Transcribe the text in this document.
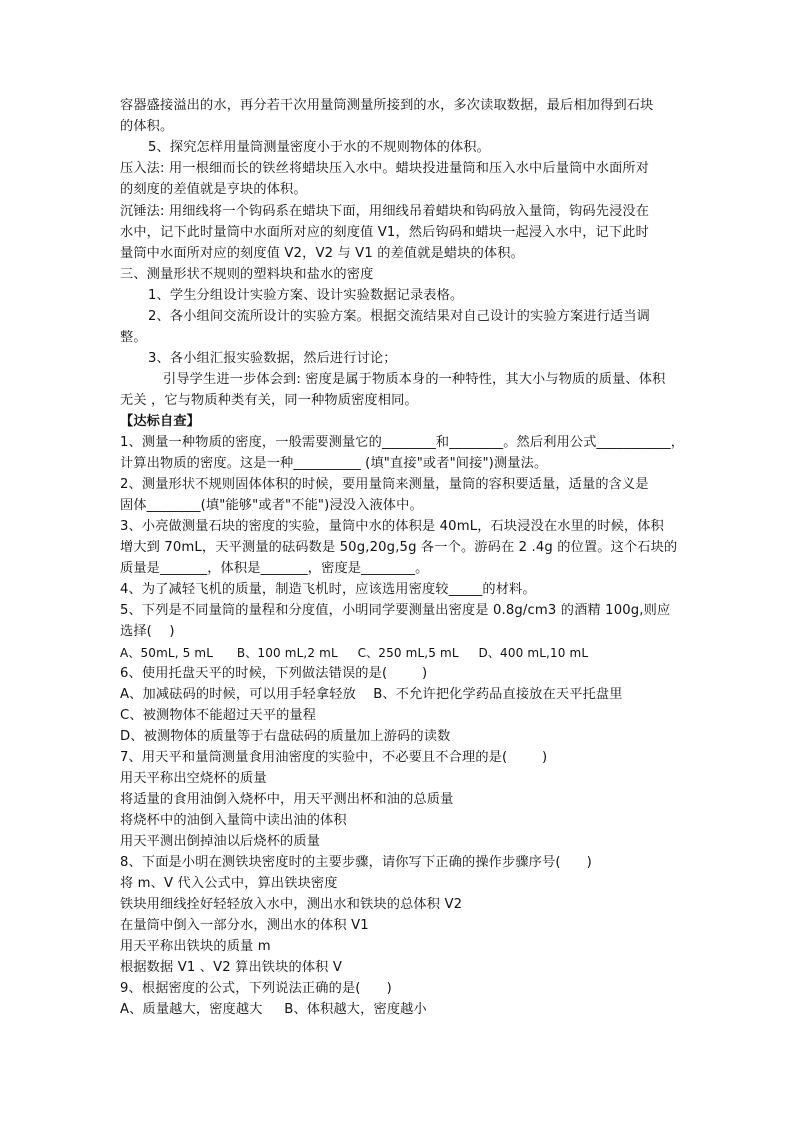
容器盛接溢出的水，再分若干次用量筒测量所接到的水，多次读取数据，最后相加得到石块
的体积。
5、探究怎样用量筒测量密度小于水的不规则物体的体积。
压入法: 用一根细而长的铁丝将蜡块压入水中。蜡块投进量筒和压入水中后量筒中水面所对
的刻度的差值就是亨块的体积。
沉锤法: 用细线将一个钩码系在蜡块下面，用细线吊着蜡块和钩码放入量筒，钩码先浸没在
水中，记下此时量筒中水面所对应的刻度值 V1，然后钩码和蜡块一起浸入水中，记下此时
量筒中水面所对应的刻度值 V2，V2 与 V1 的差值就是蜡块的体积。
三、测量形状不规则的塑料块和盐水的密度
1、学生分组设计实验方案、设计实验数据记录表格。
2、各小组间交流所设计的实验方案。根据交流结果对自己设计的实验方案进行适当调
整。
3、各小组汇报实验数据，然后进行讨论；
引导学生进一步体会到: 密度是属于物质本身的一种特性，其大小与物质的质量、体积
无关 ，它与物质种类有关，同一种物质密度相同。
【达标自查】
1、测量一种物质的密度，一般需要测量它的________和________。然后利用公式___________，
计算出物质的密度。这是一种__________ (填"直接"或者"间接")测量法。
2、测量形状不规则固体体积的时候，要用量筒来测量，量筒的容积要适量，适量的含义是
固体________(填"能够"或者"不能")浸没入液体中。
3、小亮做测量石块的密度的实验，量筒中水的体积是 40mL，石块浸没在水里的时候，体积
增大到 70mL，天平测量的砝码数是 50g,20g,5g 各一个。游码在 2 .4g 的位置。这个石块的
质量是_______，体积是_______，密度是________。
4、为了减轻飞机的质量，制造飞机时，应该选用密度较_____的材料。
5、下列是不同量筒的量程和分度值，小明同学要测量出密度是 0.8g/cm3 的酒精 100g,则应
选择(    )
A、50mL, 5 mL      B、100 mL,2 mL     C、250 mL,5 mL     D、400 mL,10 mL
6、使用托盘天平的时候，下列做法错误的是(        )
A、加减砝码的时候，可以用手轻拿轻放    B、不允许把化学药品直接放在天平托盘里
C、被测物体不能超过天平的量程
D、被测物体的质量等于右盘砝码的质量加上游码的读数
7、用天平和量筒测量食用油密度的实验中，不必要且不合理的是(        )
用天平称出空烧杯的质量
将适量的食用油倒入烧杯中，用天平测出杯和油的总质量
将烧杯中的油倒入量筒中读出油的体积
用天平测出倒掉油以后烧杯的质量
8、下面是小明在测铁块密度时的主要步骤，请你写下正确的操作步骤序号(      )
将 m、V 代入公式中，算出铁块密度
铁块用细线拴好轻轻放入水中，测出水和铁块的总体积 V2
在量筒中倒入一部分水，测出水的体积 V1
用天平称出铁块的质量 m
根据数据 V1 、V2 算出铁块的体积 V
9、根据密度的公式，下列说法正确的是(      )
A、质量越大，密度越大     B、体积越大，密度越小
